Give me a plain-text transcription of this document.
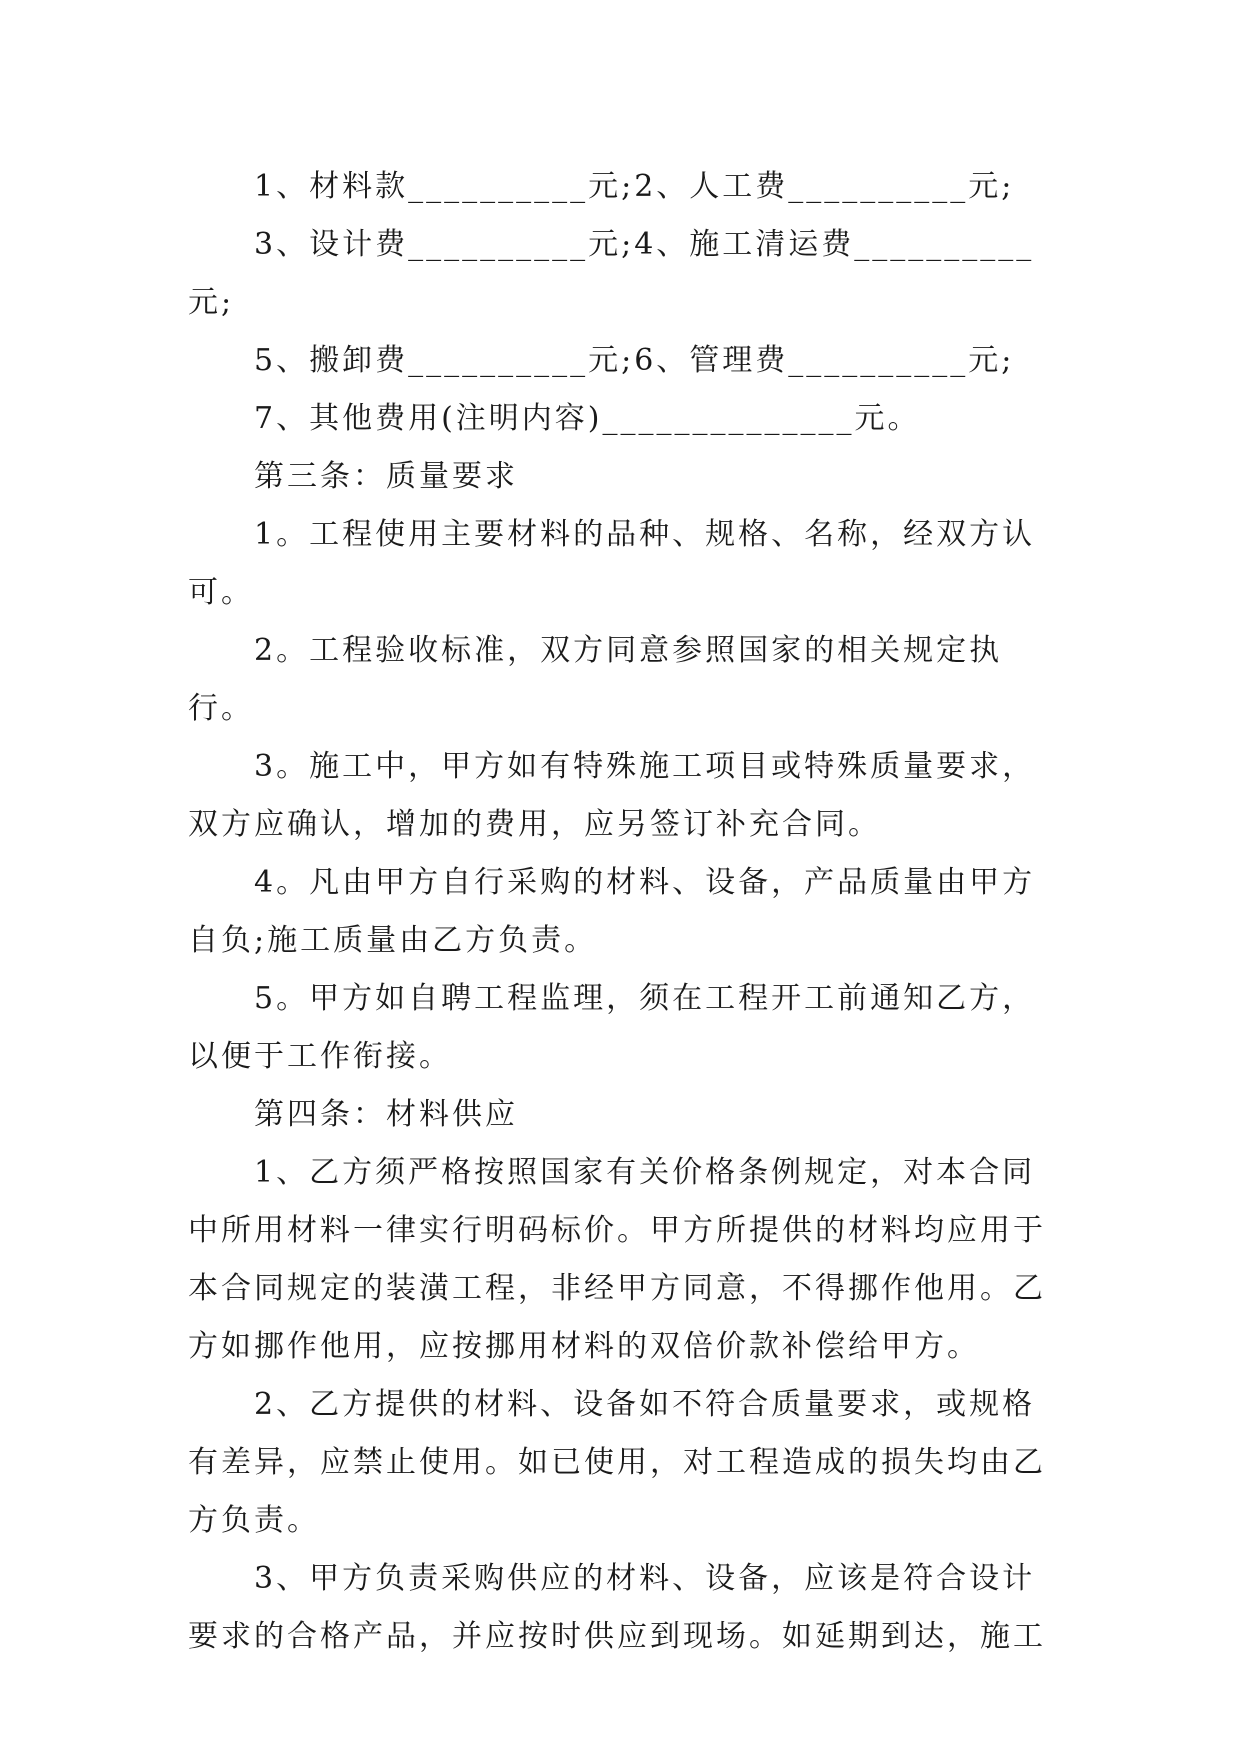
1、材料款__________元;2、人工费__________元;

3、设计费__________元;4、施工清运费__________元;

5、搬卸费__________元;6、管理费__________元;

7、其他费用(注明内容)______________元。

第三条：质量要求

1。工程使用主要材料的品种、规格、名称，经双方认可。

2。工程验收标准，双方同意参照国家的相关规定执行。

3。施工中，甲方如有特殊施工项目或特殊质量要求，双方应确认，增加的费用，应另签订补充合同。

4。凡由甲方自行采购的材料、设备，产品质量由甲方自负;施工质量由乙方负责。

5。甲方如自聘工程监理，须在工程开工前通知乙方，以便于工作衔接。

第四条：材料供应

1、乙方须严格按照国家有关价格条例规定，对本合同中所用材料一律实行明码标价。甲方所提供的材料均应用于本合同规定的装潢工程，非经甲方同意，不得挪作他用。乙方如挪作他用，应按挪用材料的双倍价款补偿给甲方。

2、乙方提供的材料、设备如不符合质量要求，或规格有差异，应禁止使用。如已使用，对工程造成的损失均由乙方负责。

3、甲方负责采购供应的材料、设备，应该是符合设计要求的合格产品，并应按时供应到现场。如延期到达，施工
